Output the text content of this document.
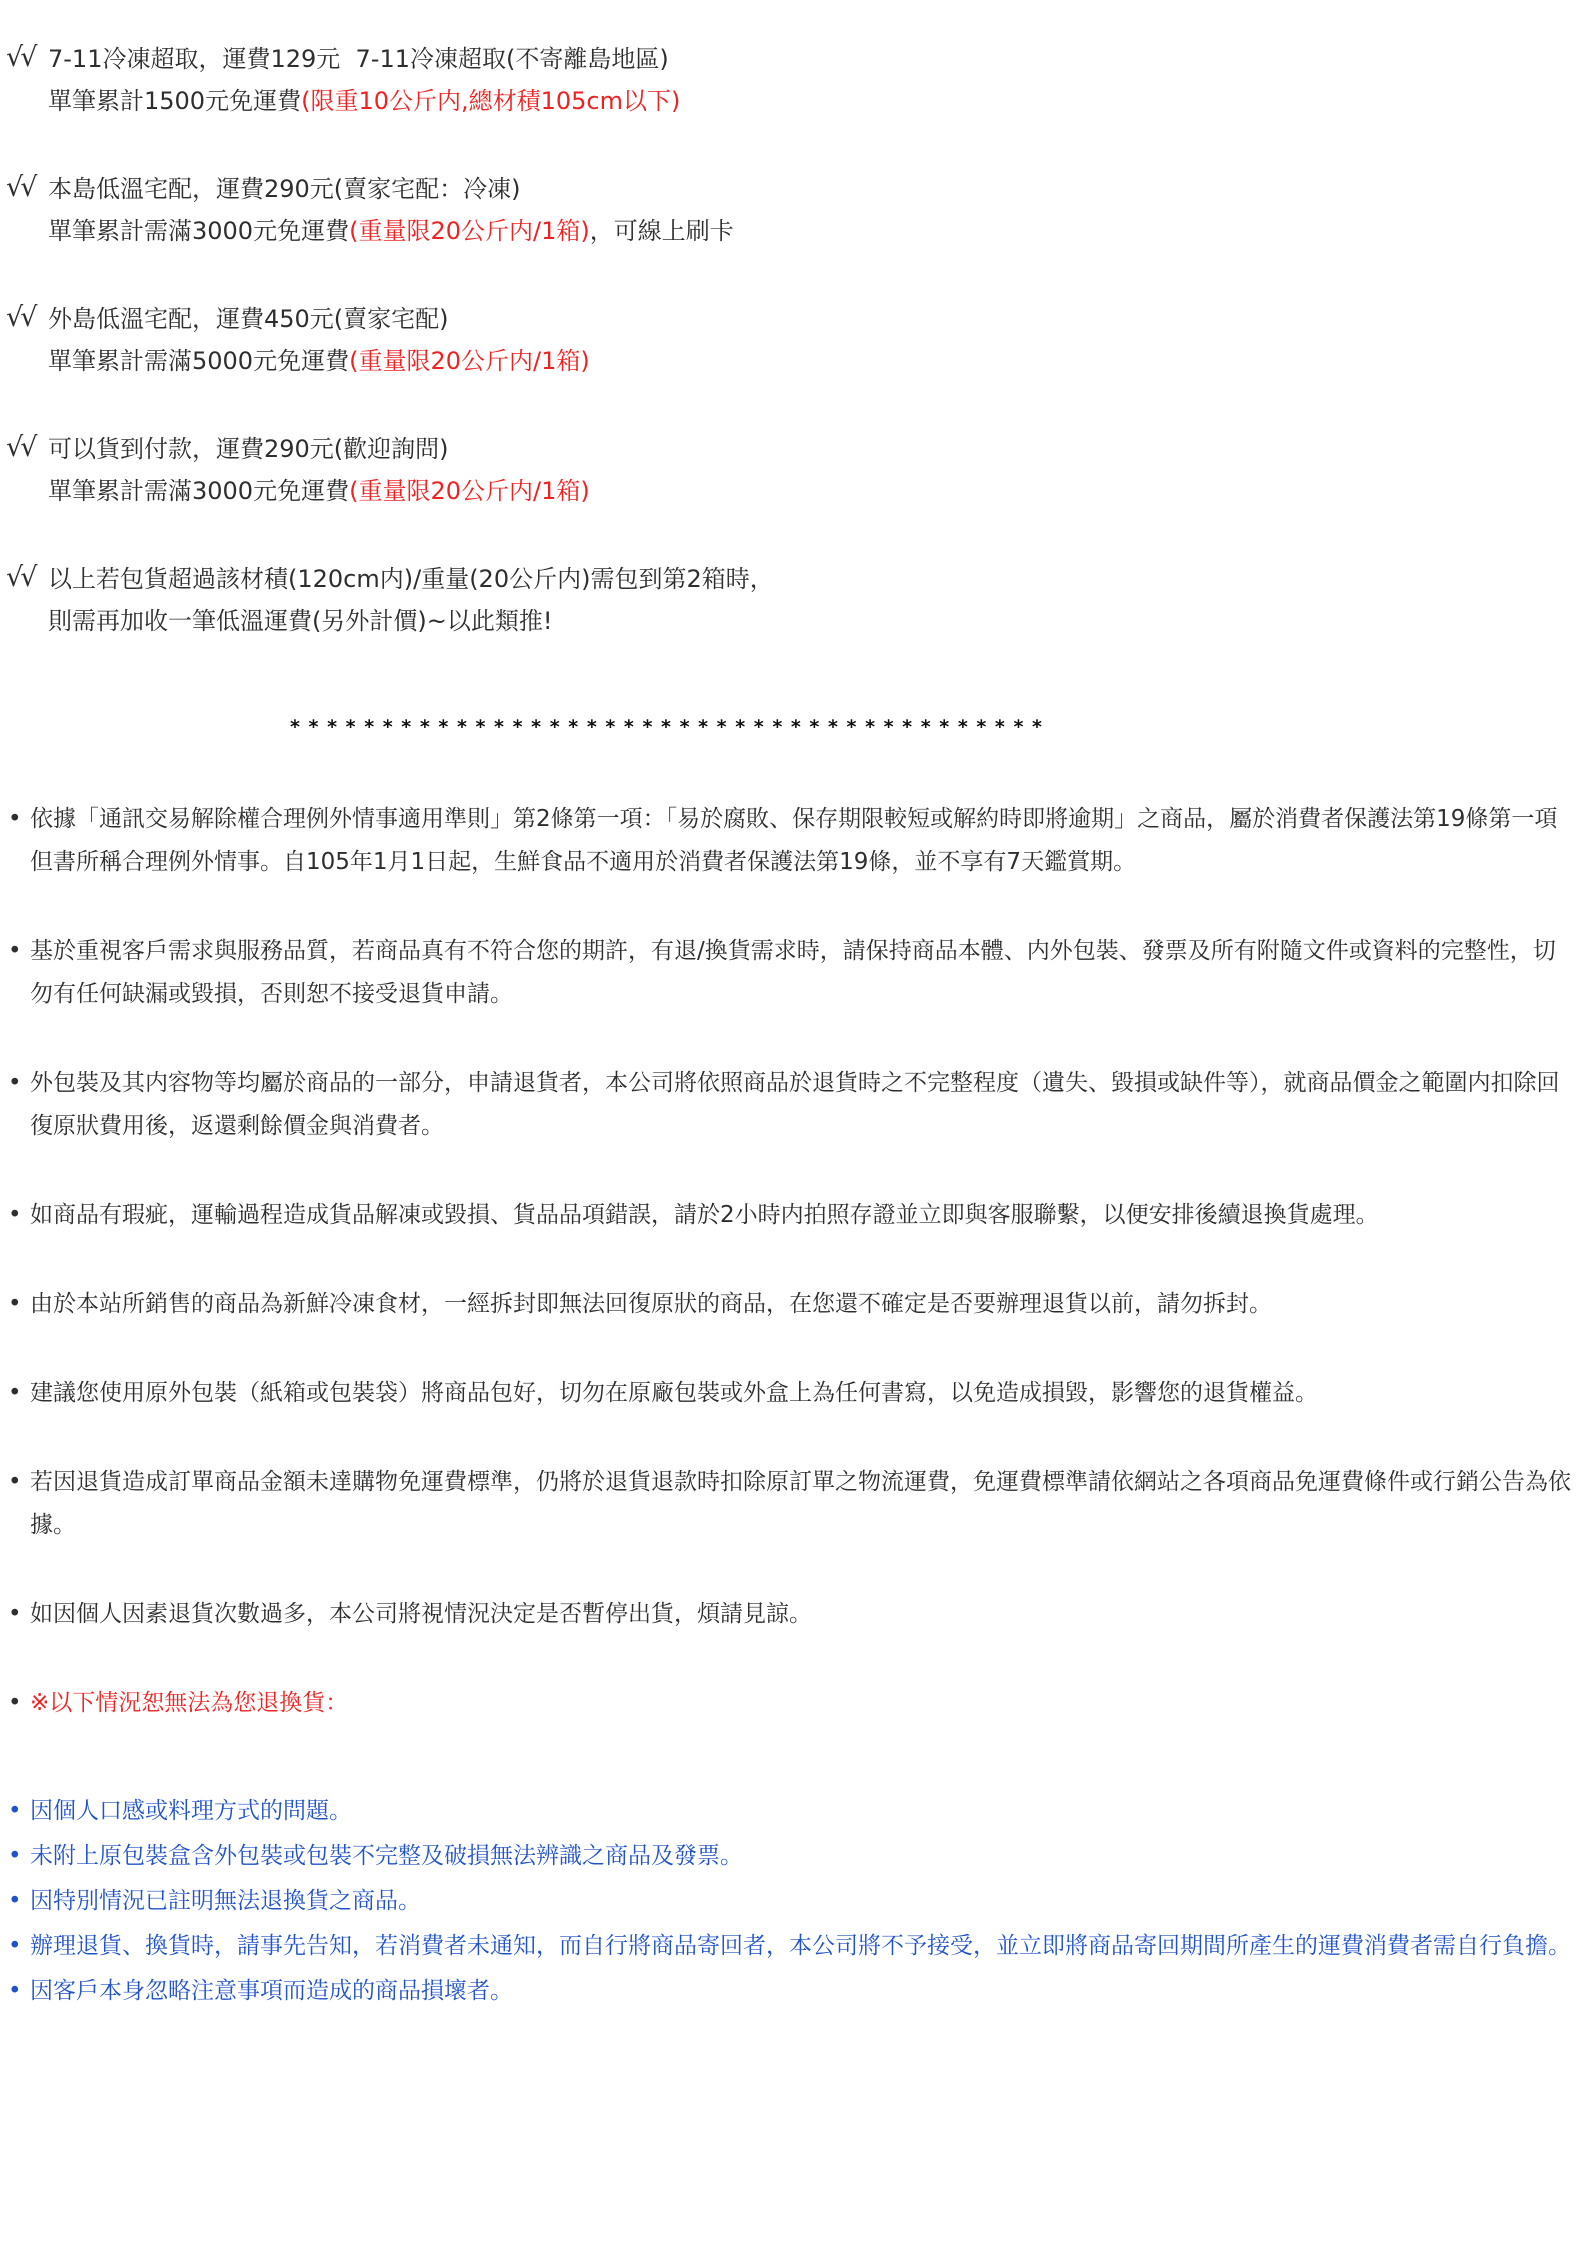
√√ 7-11冷凍超取，運費129元  7-11冷凍超取(不寄離島地區)
單筆累計1500元免運費(限重10公斤内,總材積105cm以下)
√√ 本島低溫宅配，運費290元(賣家宅配：冷凍)
單筆累計需滿3000元免運費(重量限20公斤内/1箱)，可線上刷卡
√√ 外島低溫宅配，運費450元(賣家宅配)
單筆累計需滿5000元免運費(重量限20公斤内/1箱)
√√ 可以貨到付款，運費290元(歡迎詢問)
單筆累計需滿3000元免運費(重量限20公斤内/1箱)
√√ 以上若包貨超過該材積(120cm内)/重量(20公斤内)需包到第2箱時，
則需再加收一筆低溫運費(另外計價)~以此類推!
* * * * * * * * * * * * * * * * * * * * * * * * * * * * * * * * * * * * * * * * *
• 依據「通訊交易解除權合理例外情事適用準則」第2條第一項：「易於腐敗、保存期限較短或解約時即將逾期」之商品，屬於消費者保護法第19條第一項但書所稱合理例外情事。自105年1月1日起，生鮮食品不適用於消費者保護法第19條，並不享有7天鑑賞期。
• 基於重視客戶需求與服務品質，若商品真有不符合您的期許，有退/換貨需求時，請保持商品本體、内外包裝、發票及所有附隨文件或資料的完整性，切勿有任何缺漏或毀損，否則恕不接受退貨申請。
• 外包裝及其内容物等均屬於商品的一部分，申請退貨者，本公司將依照商品於退貨時之不完整程度（遺失、毀損或缺件等），就商品價金之範圍内扣除回復原狀費用後，返還剩餘價金與消費者。
• 如商品有瑕疵，運輸過程造成貨品解凍或毀損、貨品品項錯誤，請於2小時内拍照存證並立即與客服聯繫，以便安排後續退換貨處理。
• 由於本站所銷售的商品為新鮮冷凍食材，一經拆封即無法回復原狀的商品，在您還不確定是否要辦理退貨以前，請勿拆封。
• 建議您使用原外包裝（紙箱或包裝袋）將商品包好，切勿在原廠包裝或外盒上為任何書寫，以免造成損毀，影響您的退貨權益。
• 若因退貨造成訂單商品金額未達購物免運費標準，仍將於退貨退款時扣除原訂單之物流運費，免運費標準請依網站之各項商品免運費條件或行銷公告為依據。
• 如因個人因素退貨次數過多，本公司將視情況決定是否暫停出貨，煩請見諒。
• ※以下情況恕無法為您退換貨：
• 因個人口感或料理方式的問題。
• 未附上原包裝盒含外包裝或包裝不完整及破損無法辨識之商品及發票。
• 因特別情況已註明無法退換貨之商品。
• 辦理退貨、換貨時，請事先告知，若消費者未通知，而自行將商品寄回者，本公司將不予接受，並立即將商品寄回期間所產生的運費消費者需自行負擔。
• 因客戶本身忽略注意事項而造成的商品損壞者。
